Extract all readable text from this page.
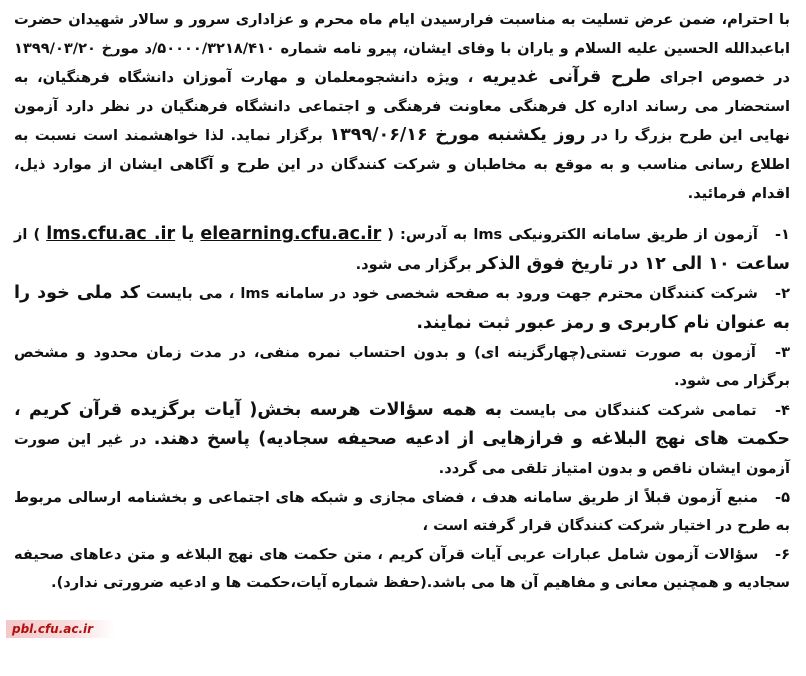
با احترام، ضمن عرض تسلیت به مناسبت فرارسیدن ایام ماه محرم و عزاداری سرور و سالار شهیدان حضرت اباعبدالله الحسین علیه السلام و یاران با وفای ایشان، پیرو نامه شماره ۵۰۰۰۰/۳۲۱۸/۴۱۰/د مورخ ۱۳۹۹/۰۳/۲۰ در خصوص اجرای طرح قرآنی غدیریه ، ویژه دانشجومعلمان و مهارت آموزان دانشگاه فرهنگیان، به استحضار می رساند اداره کل فرهنگی معاونت فرهنگی و اجتماعی دانشگاه فرهنگیان در نظر دارد آزمون نهایی این طرح بزرگ را در روز یکشنبه مورخ ۱۳۹۹/۰۶/۱۶ برگزار نماید. لذا خواهشمند است نسبت به اطلاع رسانی مناسب و به موقع به مخاطبان و شرکت کنندگان در این طرح و آگاهی ایشان از موارد ذیل، اقدام فرمائید.

۱- آزمون از طریق سامانه الکترونیکی lms به آدرس: ( elearning.cfu.ac.ir یا lms.cfu.ac .ir ) از ساعت ۱۰ الی ۱۲ در تاریخ فوق الذکر برگزار می شود.

۲- شرکت کنندگان محترم جهت ورود به صفحه شخصی خود در سامانه lms ، می بایست کد ملی خود را به عنوان نام کاربری و رمز عبور ثبت نمایند.

۳- آزمون به صورت تستی(چهارگزینه ای) و بدون احتساب نمره منفی، در مدت زمان محدود و مشخص برگزار می شود.

۴- تمامی شرکت کنندگان می بایست به همه سؤالات هرسه بخش( آیات برگزیده قرآن کریم ، حکمت های نهج البلاغه و فرازهایی از ادعیه صحیفه سجادیه) پاسخ دهند. در غیر این صورت آزمون ایشان ناقص و بدون امتیاز تلقی می گردد.

۵- منبع آزمون قبلاً از طریق سامانه هدف ، فضای مجازی و شبکه های اجتماعی و بخشنامه ارسالی مربوط به طرح در اختیار شرکت کنندگان قرار گرفته است ،

۶- سؤالات آزمون شامل عبارات عربی آیات قرآن کریم ، متن حکمت های نهج البلاغه و متن دعاهای صحیفه سجادیه و همچنین معانی و مفاهیم آن ها می باشد.(حفظ شماره آیات،حکمت ها و ادعیه ضرورتی ندارد).

pbl.cfu.ac.ir
